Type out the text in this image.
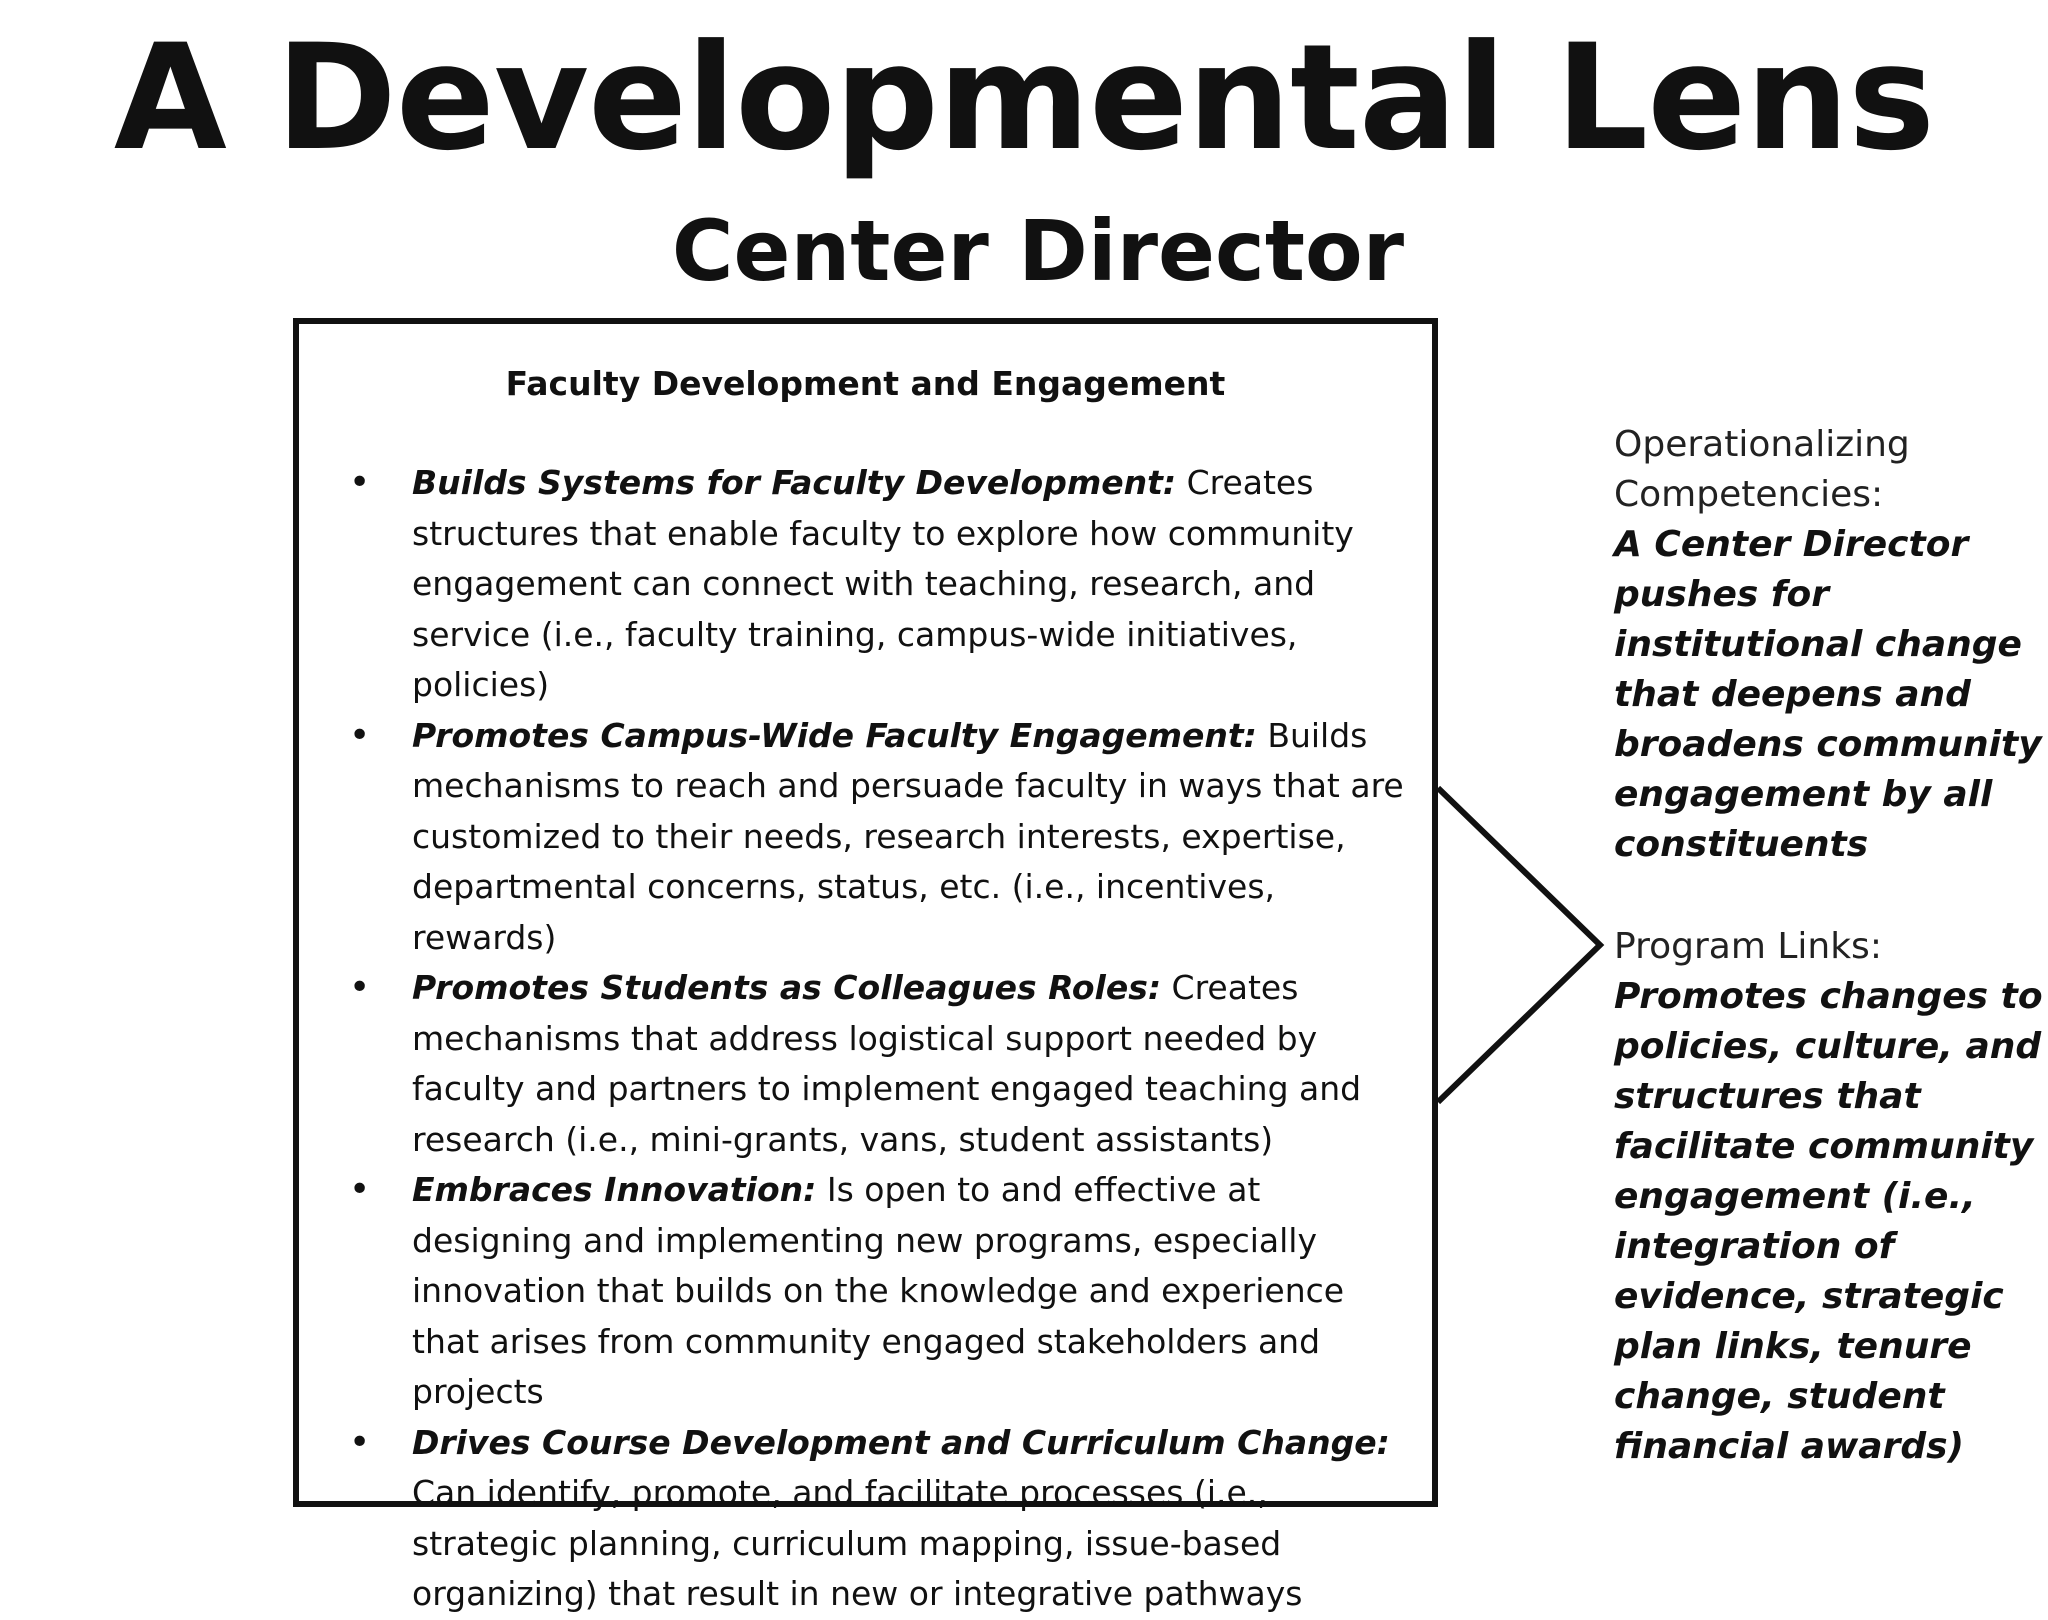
A Developmental Lens
Center Director
Faculty Development and Engagement
• Builds Systems for Faculty Development: Creates structures that enable faculty to explore how community engagement can connect with teaching, research, and service (i.e., faculty training, campus-wide initiatives, policies)
• Promotes Campus-Wide Faculty Engagement: Builds mechanisms to reach and persuade faculty in ways that are customized to their needs, research interests, expertise, departmental concerns, status, etc. (i.e., incentives, rewards)
• Promotes Students as Colleagues Roles: Creates mechanisms that address logistical support needed by faculty and partners to implement engaged teaching and research (i.e., mini-grants, vans, student assistants)
• Embraces Innovation: Is open to and effective at designing and implementing new programs, especially innovation that builds on the knowledge and experience that arises from community engaged stakeholders and projects
• Drives Course Development and Curriculum Change: Can identify, promote, and facilitate processes (i.e., strategic planning, curriculum mapping, issue-based organizing) that result in new or integrative pathways
Operationalizing Competencies:
A Center Director pushes for institutional change that deepens and broadens community engagement by all constituents
Program Links:
Promotes changes to policies, culture, and structures that facilitate community engagement (i.e., integration of evidence, strategic plan links, tenure change, student financial awards)
